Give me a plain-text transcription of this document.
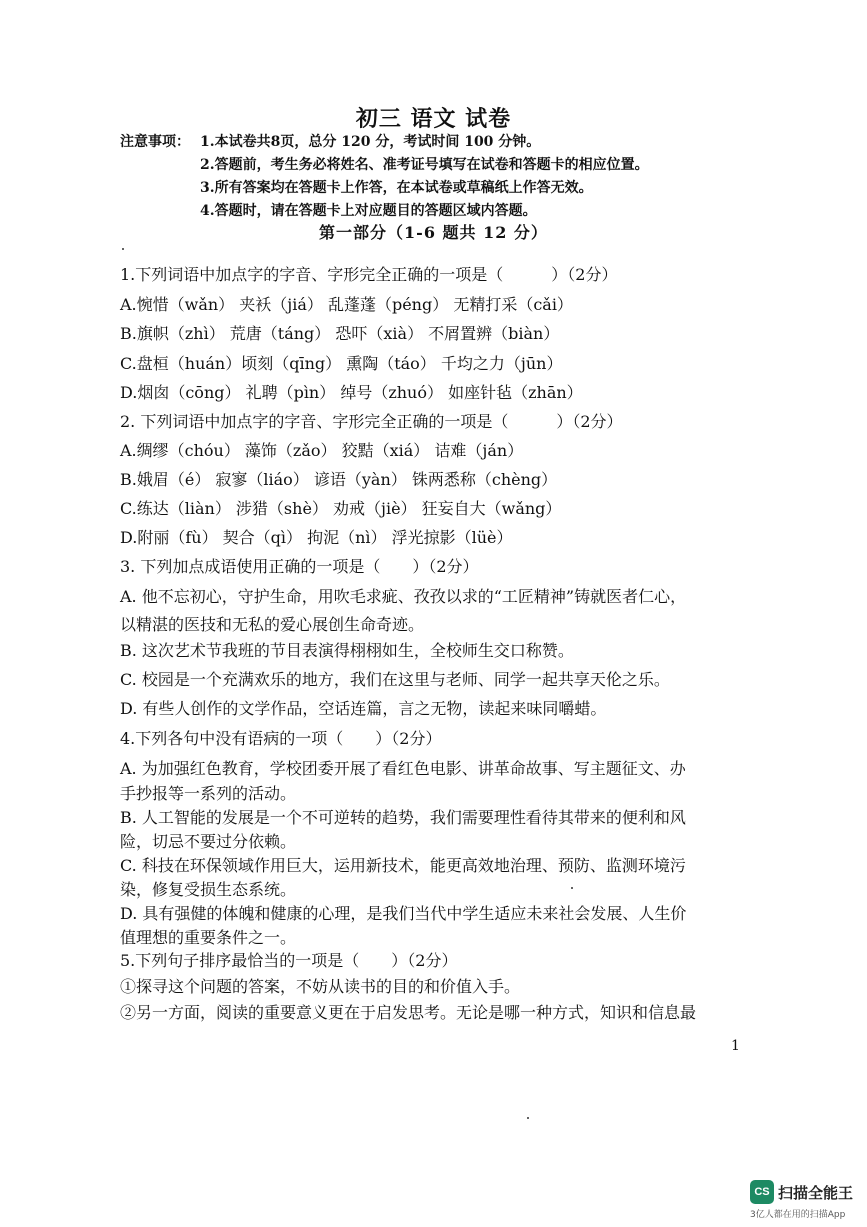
初三 语文 试卷
注意事项： 1.本试卷共8页，总分 120 分，考试时间 100 分钟。
2.答题前，考生务必将姓名、准考证号填写在试卷和答题卡的相应位置。
3.所有答案均在答题卡上作答，在本试卷或草稿纸上作答无效。
4.答题时，请在答题卡上对应题目的答题区域内答题。
第一部分（1-6 题共 12 分）
1.下列词语中加点字的字音、字形完全正确的一项是（　　　）（2分）
A.惋惜（wǎn） 夹袄（jiá） 乱蓬蓬（péng） 无精打采（cǎi）
B.旗帜（zhì） 荒唐（táng） 恐吓（xià） 不屑置辨（biàn）
C.盘桓（huán）顷刻（qīng） 熏陶（táo） 千均之力（jūn）
D.烟囱（cōng） 礼聘（pìn） 绰号（zhuó） 如座针毡（zhān）
2. 下列词语中加点字的字音、字形完全正确的一项是（　　　）（2分）
A.绸缪（chóu） 藻饰（zǎo） 狡黠（xiá） 诘难（ján）
B.娥眉（é） 寂寥（liáo） 谚语（yàn） 铢两悉称（chèng）
C.练达（liàn） 涉猎（shè） 劝戒（jiè） 狂妄自大（wǎng）
D.附丽（fù） 契合（qì） 拘泥（nì） 浮光掠影（lüè）
3. 下列加点成语使用正确的一项是（　　）（2分）
A. 他不忘初心，守护生命，用吹毛求疵、孜孜以求的“工匠精神”铸就医者仁心，
以精湛的医技和无私的爱心展创生命奇迹。
B. 这次艺术节我班的节目表演得栩栩如生，全校师生交口称赞。
C. 校园是一个充满欢乐的地方，我们在这里与老师、同学一起共享天伦之乐。
D. 有些人创作的文学作品，空话连篇，言之无物，读起来味同嚼蜡。
4.下列各句中没有语病的一项（　　）（2分）
A. 为加强红色教育，学校团委开展了看红色电影、讲革命故事、写主题征文、办
手抄报等一系列的活动。
B. 人工智能的发展是一个不可逆转的趋势，我们需要理性看待其带来的便利和风
险，切忌不要过分依赖。
C. 科技在环保领域作用巨大，运用新技术，能更高效地治理、预防、监测环境污
染，修复受损生态系统。
D. 具有强健的体魄和健康的心理，是我们当代中学生适应未来社会发展、人生价
值理想的重要条件之一。
5.下列句子排序最恰当的一项是（　　）（2分）
①探寻这个问题的答案，不妨从读书的目的和价值入手。
②另一方面，阅读的重要意义更在于启发思考。无论是哪一种方式，知识和信息最
1
CS 扫描全能王
3亿人都在用的扫描App
